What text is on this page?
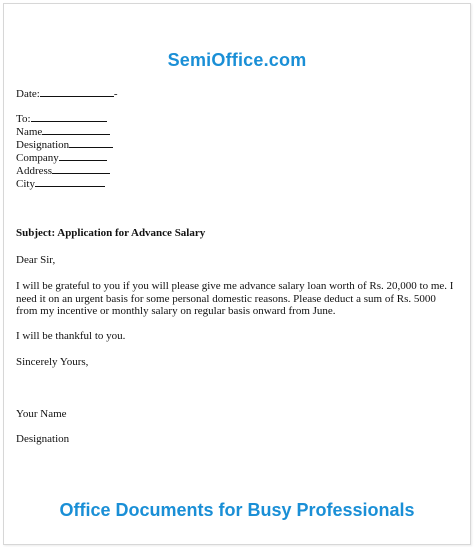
SemiOffice.com
Date:	-
To:
Name
Designation
Company
Address
City
Subject: Application for Advance Salary
Dear Sir,
I will be grateful to you if you will please give me advance salary loan worth of Rs. 20,000 to me. I need it on an urgent basis for some personal domestic reasons. Please deduct a sum of Rs. 5000 from my incentive or monthly salary on regular basis onward from June.
I will be thankful to you.
Sincerely Yours,
Your Name
Designation
Office Documents for Busy Professionals
